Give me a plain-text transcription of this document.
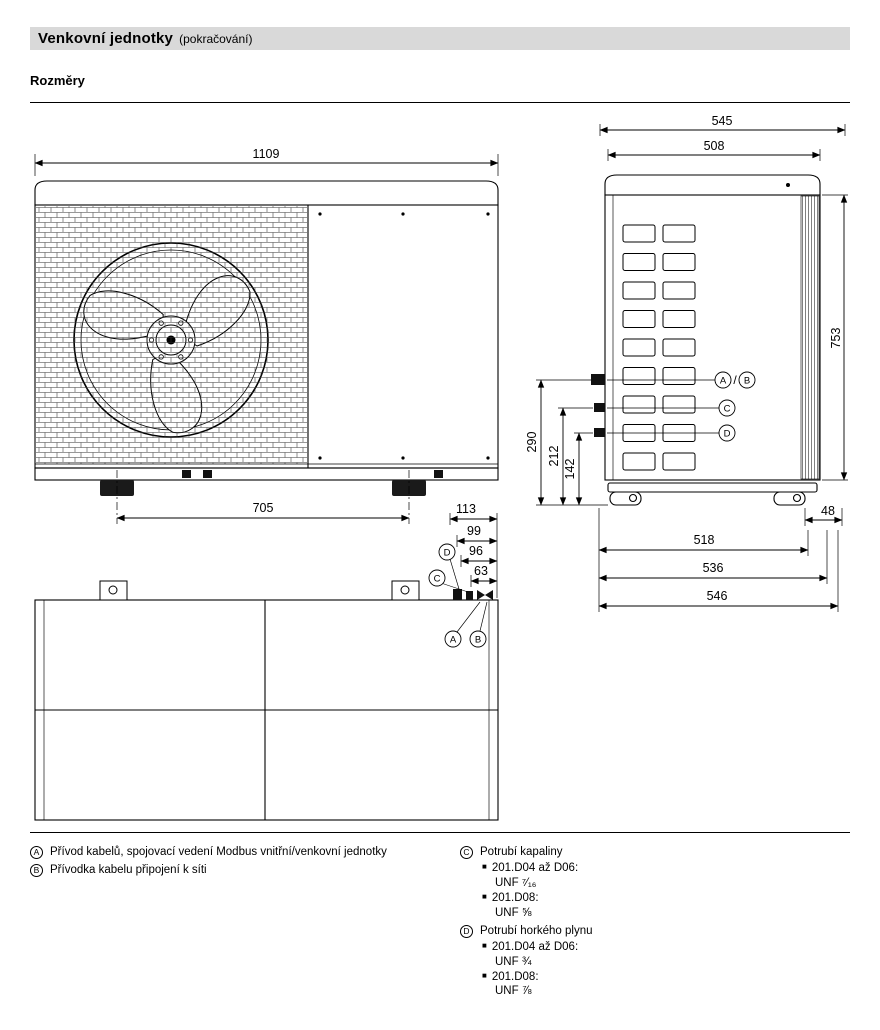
Venkovní jednotky (pokračování)
Rozměry
1109
705	113
99
96
63
D
C
A B
545
508
A / B
C
D
753
290
212
142
48
518
536
546
A Přívod kabelů, spojovací vedení Modbus vnitřní/venkovní jednotky
B Přívodka kabelu připojení k síti
C Potrubí kapaliny
■ 201.D04 až D06:
UNF ⁷⁄₁₆
■ 201.D08:
UNF ⅝
D Potrubí horkého plynu
■ 201.D04 až D06:
UNF ¾
■ 201.D08:
UNF ⅞
